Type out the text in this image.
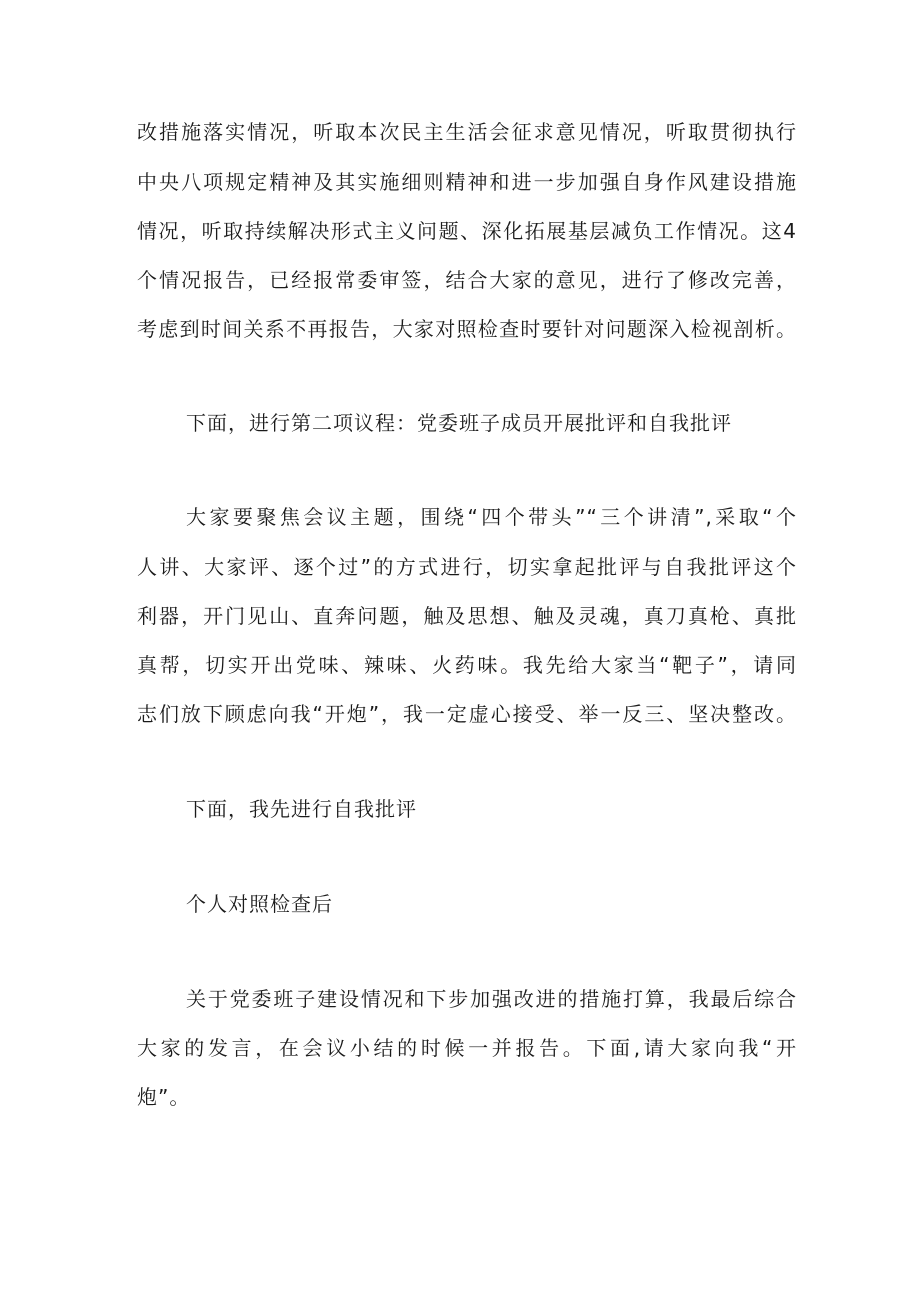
改措施落实情况，听取本次民主生活会征求意见情况，听取贯彻执行
中央八项规定精神及其实施细则精神和进一步加强自身作风建设措施
情况，听取持续解决形式主义问题、深化拓展基层减负工作情况。这4
个情况报告，已经报常委审签，结合大家的意见，进行了修改完善，
考虑到时间关系不再报告，大家对照检查时要针对问题深入检视剖析。
下面，进行第二项议程：党委班子成员开展批评和自我批评
大家要聚焦会议主题，围绕“四个带头”“三个讲清”,采取“个
人讲、大家评、逐个过”的方式进行，切实拿起批评与自我批评这个
利器，开门见山、直奔问题，触及思想、触及灵魂，真刀真枪、真批
真帮，切实开出党味、辣味、火药味。我先给大家当“靶子”，请同
志们放下顾虑向我“开炮”，我一定虚心接受、举一反三、坚决整改。
下面，我先进行自我批评
个人对照检查后
关于党委班子建设情况和下步加强改进的措施打算，我最后综合
大家的发言，在会议小结的时候一并报告。下面,请大家向我“开
炮”。
